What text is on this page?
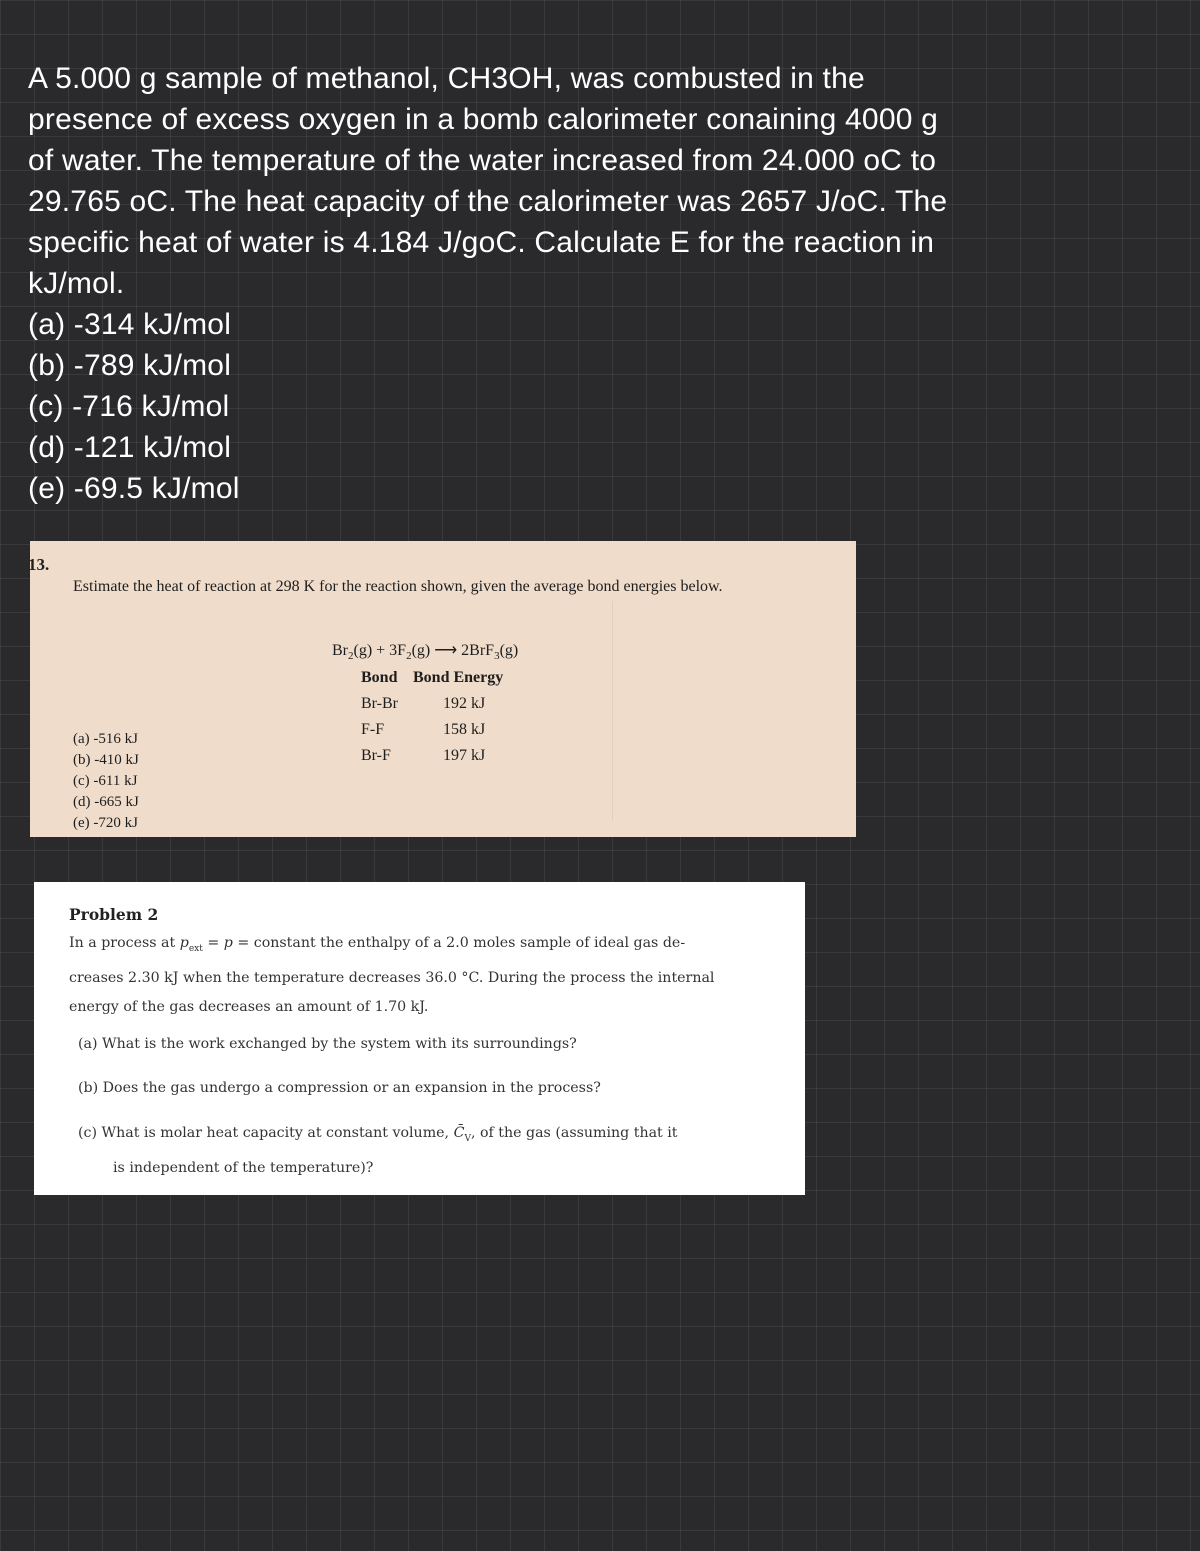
A 5.000 g sample of methanol, CH3OH, was combusted in the
presence of excess oxygen in a bomb calorimeter conaining 4000 g
of water. The temperature of the water increased from 24.000 oC to
29.765 oC. The heat capacity of the calorimeter was 2657 J/oC. The
specific heat of water is 4.184 J/goC. Calculate E for the reaction in
kJ/mol.

(a) -314 kJ/mol
(b) -789 kJ/mol
(c) -716 kJ/mol
(d) -121 kJ/mol
(e) -69.5 kJ/mol
13.
Estimate the heat of reaction at 298 K for the reaction shown, given the average bond energies below.
$Br_2(g) + 3F_2(g)$ ⟶ 2BrF$_3$(g)
Bond	Bond Energy
Br-Br	192 kJ
F-F	158 kJ
Br-F	197 kJ
(a) -516 kJ
(b) -410 kJ
(c) -611 kJ
(d) -665 kJ
(e) -720 kJ
Problem 2
In a process at $p_{ext} = p$ = constant the enthalpy of a 2.0 moles sample of ideal gas de-
creases 2.30 kJ when the temperature decreases 36.0 °C. During the process the internal
energy of the gas decreases an amount of 1.70 kJ.
(a) What is the work exchanged by the system with its surroundings?
(b) Does the gas undergo a compression or an expansion in the process?
(c) What is molar heat capacity at constant volume, $C̄_V$, of the gas (assuming that it
is independent of the temperature)?
